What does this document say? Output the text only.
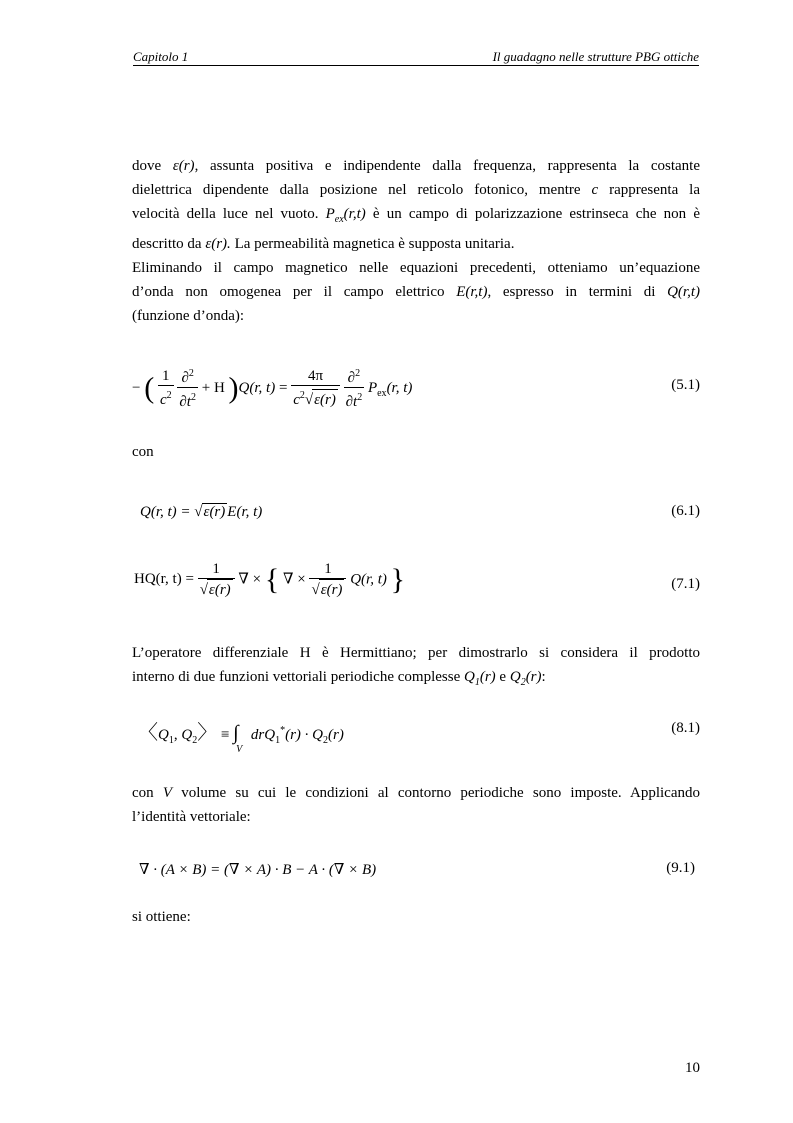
Capitolo 1	Il guadagno nelle strutture PBG ottiche
dove ε(r), assunta positiva e indipendente dalla frequenza, rappresenta la costante
dielettrica dipendente dalla posizione nel reticolo fotonico, mentre c rappresenta la
velocità della luce nel vuoto. $P_{ex}(r,t)$ è un campo di polarizzazione estrinseca che non è
descritto da ε(r). La permeabilità magnetica è supposta unitaria.
Eliminando il campo magnetico nelle equazioni precedenti, otteniamo un’equazione
d’onda non omogenea per il campo elettrico E(r,t), espresso in termini di Q(r,t)
(funzione d’onda):
− ( $\frac{1}{c^2}$
$\frac{\partial^2}{\partial t^2} + H$ )Q(r, $t) = \frac{4\pi}{c^2√\varepsilon(r)}$
$\frac{\partial^2}{\partial t^2} P_{ex}(r$, t)	(5.1)
con
Q(r, t) = √ε(r) E(r, t)	(6.1)
ΗQ(r, $t) = \frac{1}{√\varepsilon(r)}$ ∇ × { ∇ × $\frac{1}{√\varepsilon(r)} Q(r$, t) }	(7.1)
L’operatore differenziale Η è Hermittiano; per dimostrarlo si considera il prodotto
interno di due funzioni vettoriali periodiche complesse $Q_1(r)$ e $Q_2(r)$:
〈$Q_1$, $Q_2$〉 ≡ ∫
V
$drQ_1^*(r) \cdot Q_2(r)$	(8.1)
con V volume su cui le condizioni al contorno periodiche sono imposte. Applicando
l’identità vettoriale:
∇ · (A × B) = (∇ × A) · B − A · (∇ × B)	(9.1)
si ottiene:
10
